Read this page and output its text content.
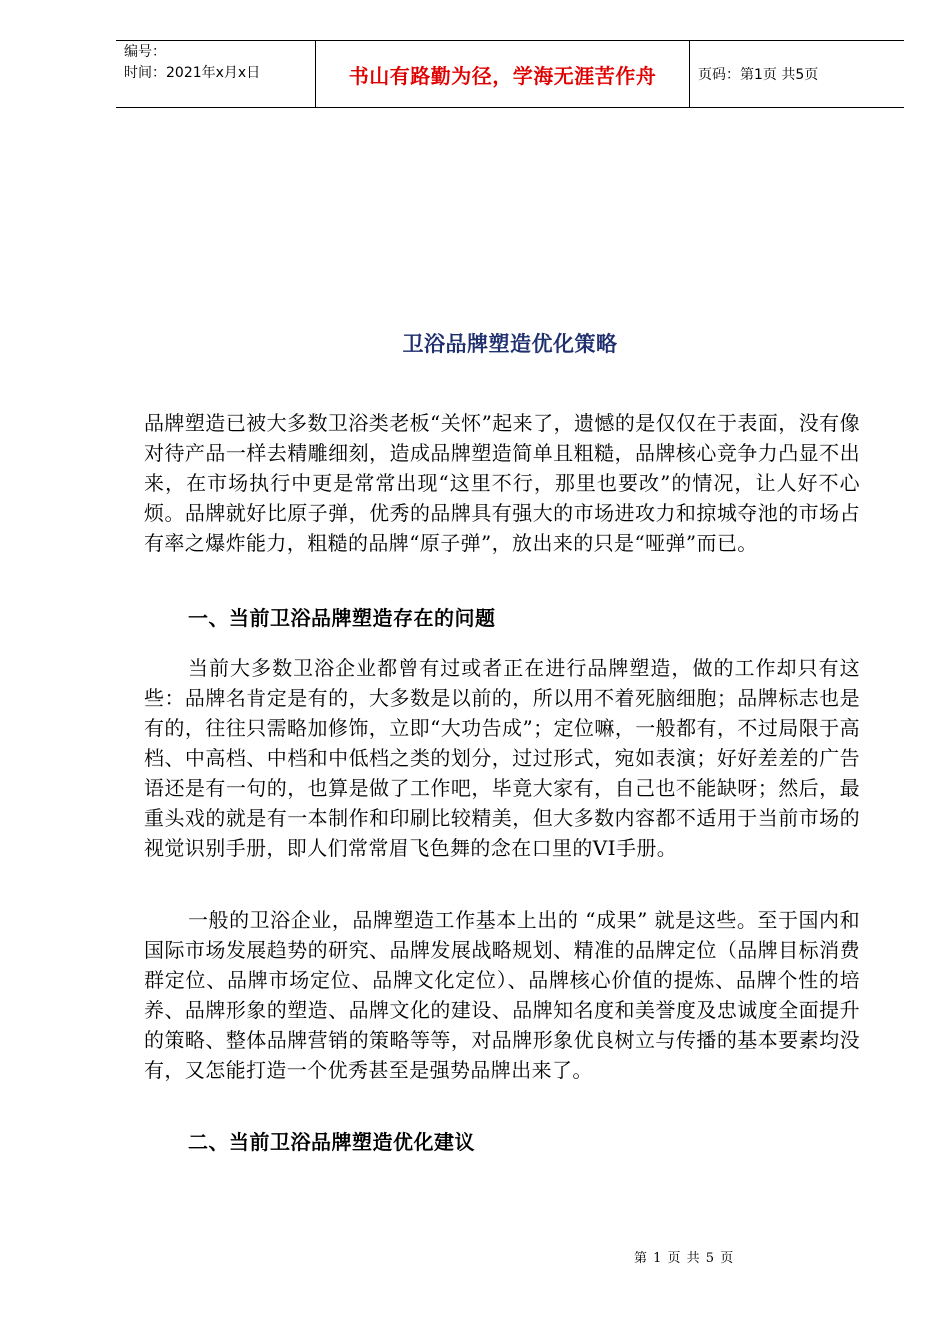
编号：
时间：2021年x月x日	书山有路勤为径，学海无涯苦作舟	页码：第1页 共5页
卫浴品牌塑造优化策略

品牌塑造已被大多数卫浴类老板“关怀”起来了，遗憾的是仅仅在于表面，没有像对待产品一样去精雕细刻，造成品牌塑造简单且粗糙，品牌核心竞争力凸显不出来，在市场执行中更是常常出现“这里不行，那里也要改”的情况，让人好不心烦。品牌就好比原子弹，优秀的品牌具有强大的市场进攻力和掠城夺池的市场占有率之爆炸能力，粗糙的品牌“原子弹”，放出来的只是“哑弹”而已。

一、当前卫浴品牌塑造存在的问题

当前大多数卫浴企业都曾有过或者正在进行品牌塑造，做的工作却只有这些：品牌名肯定是有的，大多数是以前的，所以用不着死脑细胞；品牌标志也是有的，往往只需略加修饰，立即“大功告成”；定位嘛，一般都有，不过局限于高档、中高档、中档和中低档之类的划分，过过形式，宛如表演；好好差差的广告语还是有一句的，也算是做了工作吧，毕竟大家有，自己也不能缺呀；然后，最重头戏的就是有一本制作和印刷比较精美，但大多数内容都不适用于当前市场的视觉识别手册，即人们常常眉飞色舞的念在口里的VI手册。

一般的卫浴企业，品牌塑造工作基本上出的 “成果” 就是这些。至于国内和国际市场发展趋势的研究、品牌发展战略规划、精准的品牌定位（品牌目标消费群定位、品牌市场定位、品牌文化定位）、品牌核心价值的提炼、品牌个性的培养、品牌形象的塑造、品牌文化的建设、品牌知名度和美誉度及忠诚度全面提升的策略、整体品牌营销的策略等等，对品牌形象优良树立与传播的基本要素均没有，又怎能打造一个优秀甚至是强势品牌出来了。

二、当前卫浴品牌塑造优化建议
第 1 页 共 5 页
